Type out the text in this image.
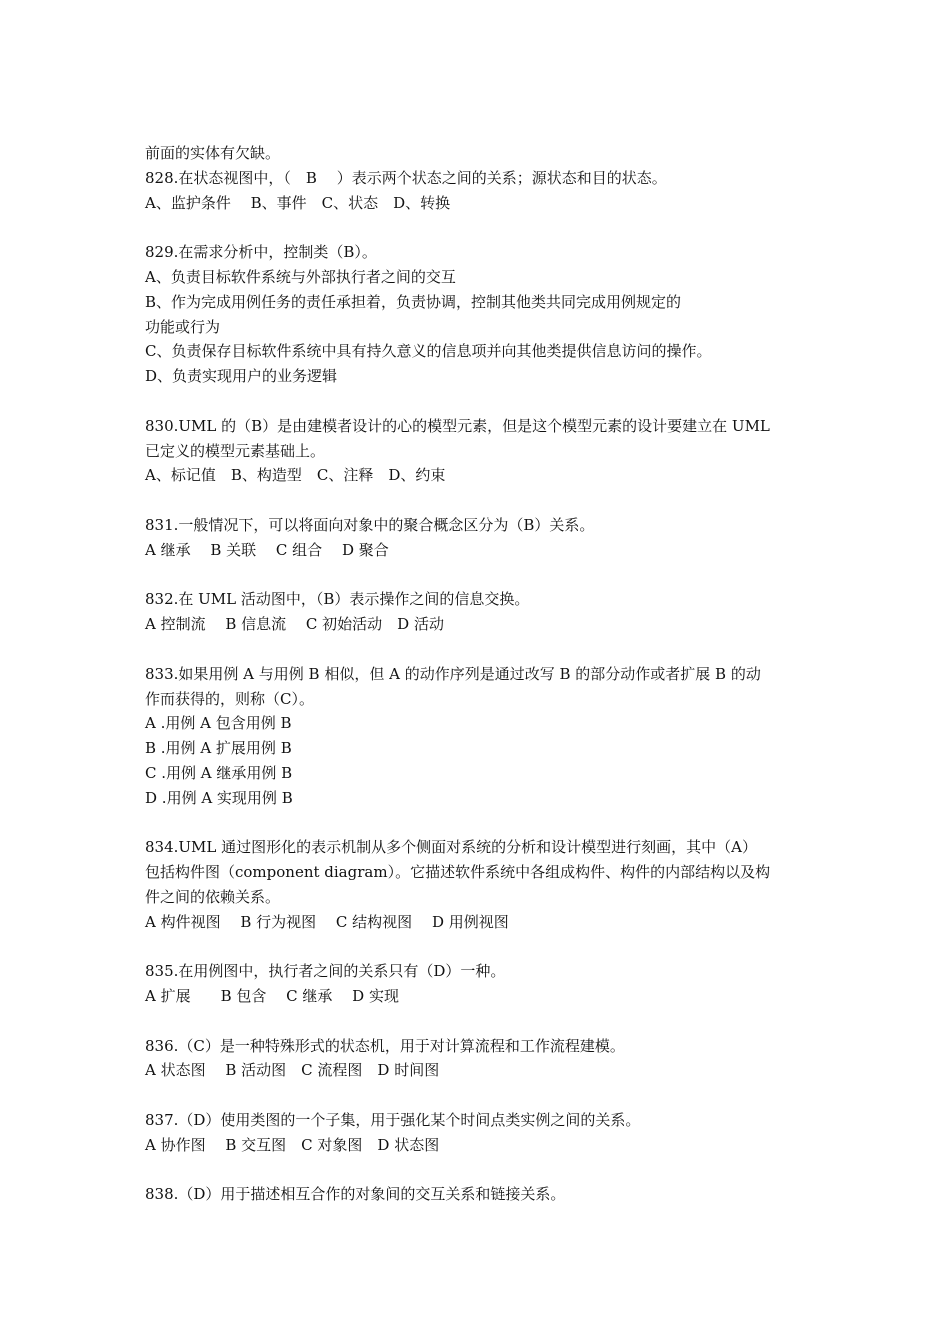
前面的实体有欠缺。

828.在状态视图中，（　B　 ）表示两个状态之间的关系；源状态和目的状态。

A、监护条件　 B、事件　C、状态　D、转换

829.在需求分析中，控制类（B）。

A、负责目标软件系统与外部执行者之间的交互

B、作为完成用例任务的责任承担着，负责协调，控制其他类共同完成用例规定的

功能或行为

C、负责保存目标软件系统中具有持久意义的信息项并向其他类提供信息访问的操作。

D、负责实现用户的业务逻辑

830.UML 的（B）是由建模者设计的心的模型元素，但是这个模型元素的设计要建立在 UML

已定义的模型元素基础上。

A、标记值　B、构造型　C、注释　D、约束

831.一般情况下，可以将面向对象中的聚合概念区分为（B）关系。

A 继承　 B 关联　 C 组合　 D 聚合

832.在 UML 活动图中，（B）表示操作之间的信息交换。

A 控制流　 B 信息流　 C 初始活动　D 活动

833.如果用例 A 与用例 B 相似，但 A 的动作序列是通过改写 B 的部分动作或者扩展 B 的动

作而获得的，则称（C）。

A .用例 A 包含用例 B

B .用例 A 扩展用例 B

C .用例 A 继承用例 B

D .用例 A 实现用例 B

834.UML 通过图形化的表示机制从多个侧面对系统的分析和设计模型进行刻画，其中（A）

包括构件图（component diagram）。它描述软件系统中各组成构件、构件的内部结构以及构

件之间的依赖关系。

A 构件视图　 B 行为视图　 C 结构视图　 D 用例视图

835.在用例图中，执行者之间的关系只有（D）一种。

A 扩展　　B 包含　 C 继承　 D 实现

836.（C）是一种特殊形式的状态机，用于对计算流程和工作流程建模。

A 状态图　 B 活动图　C 流程图　D 时间图

837.（D）使用类图的一个子集，用于强化某个时间点类实例之间的关系。

A 协作图　 B 交互图　C 对象图　D 状态图

838.（D）用于描述相互合作的对象间的交互关系和链接关系。
